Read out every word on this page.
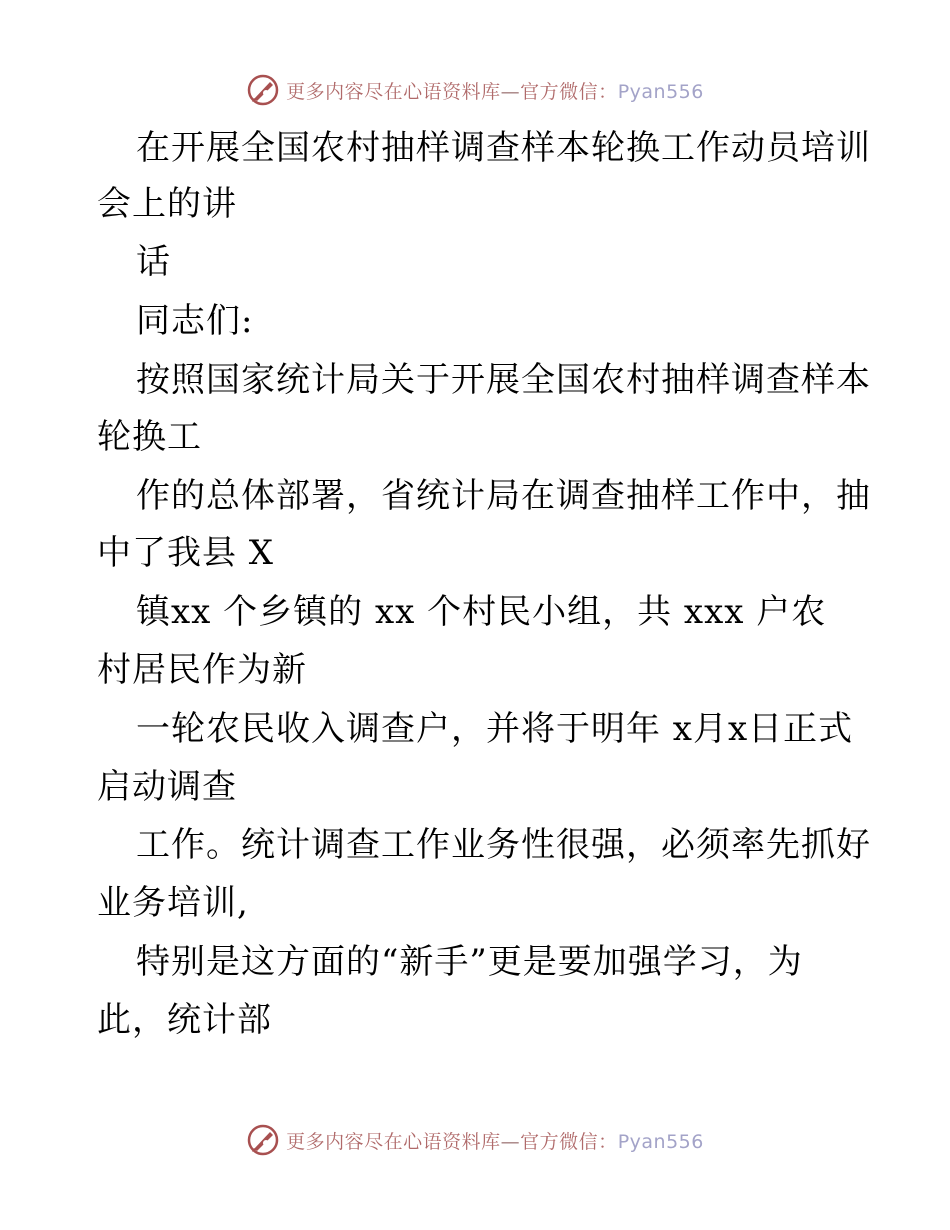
更多内容尽在心语资料库—官方微信：Pyan556
在开展全国农村抽样调查样本轮换工作动员培训
会上的讲
话
同志们:
按照国家统计局关于开展全国农村抽样调查样本
轮换工
作的总体部署，省统计局在调查抽样工作中，抽
中了我县 X
镇xx 个乡镇的 xx 个村民小组，共 xxx 户农
村居民作为新
一轮农民收入调查户，并将于明年 x月x日正式
启动调查
工作。统计调查工作业务性很强，必须率先抓好
业务培训,
特别是这方面的“新手”更是要加强学习，为
此，统计部
更多内容尽在心语资料库—官方微信：Pyan556
